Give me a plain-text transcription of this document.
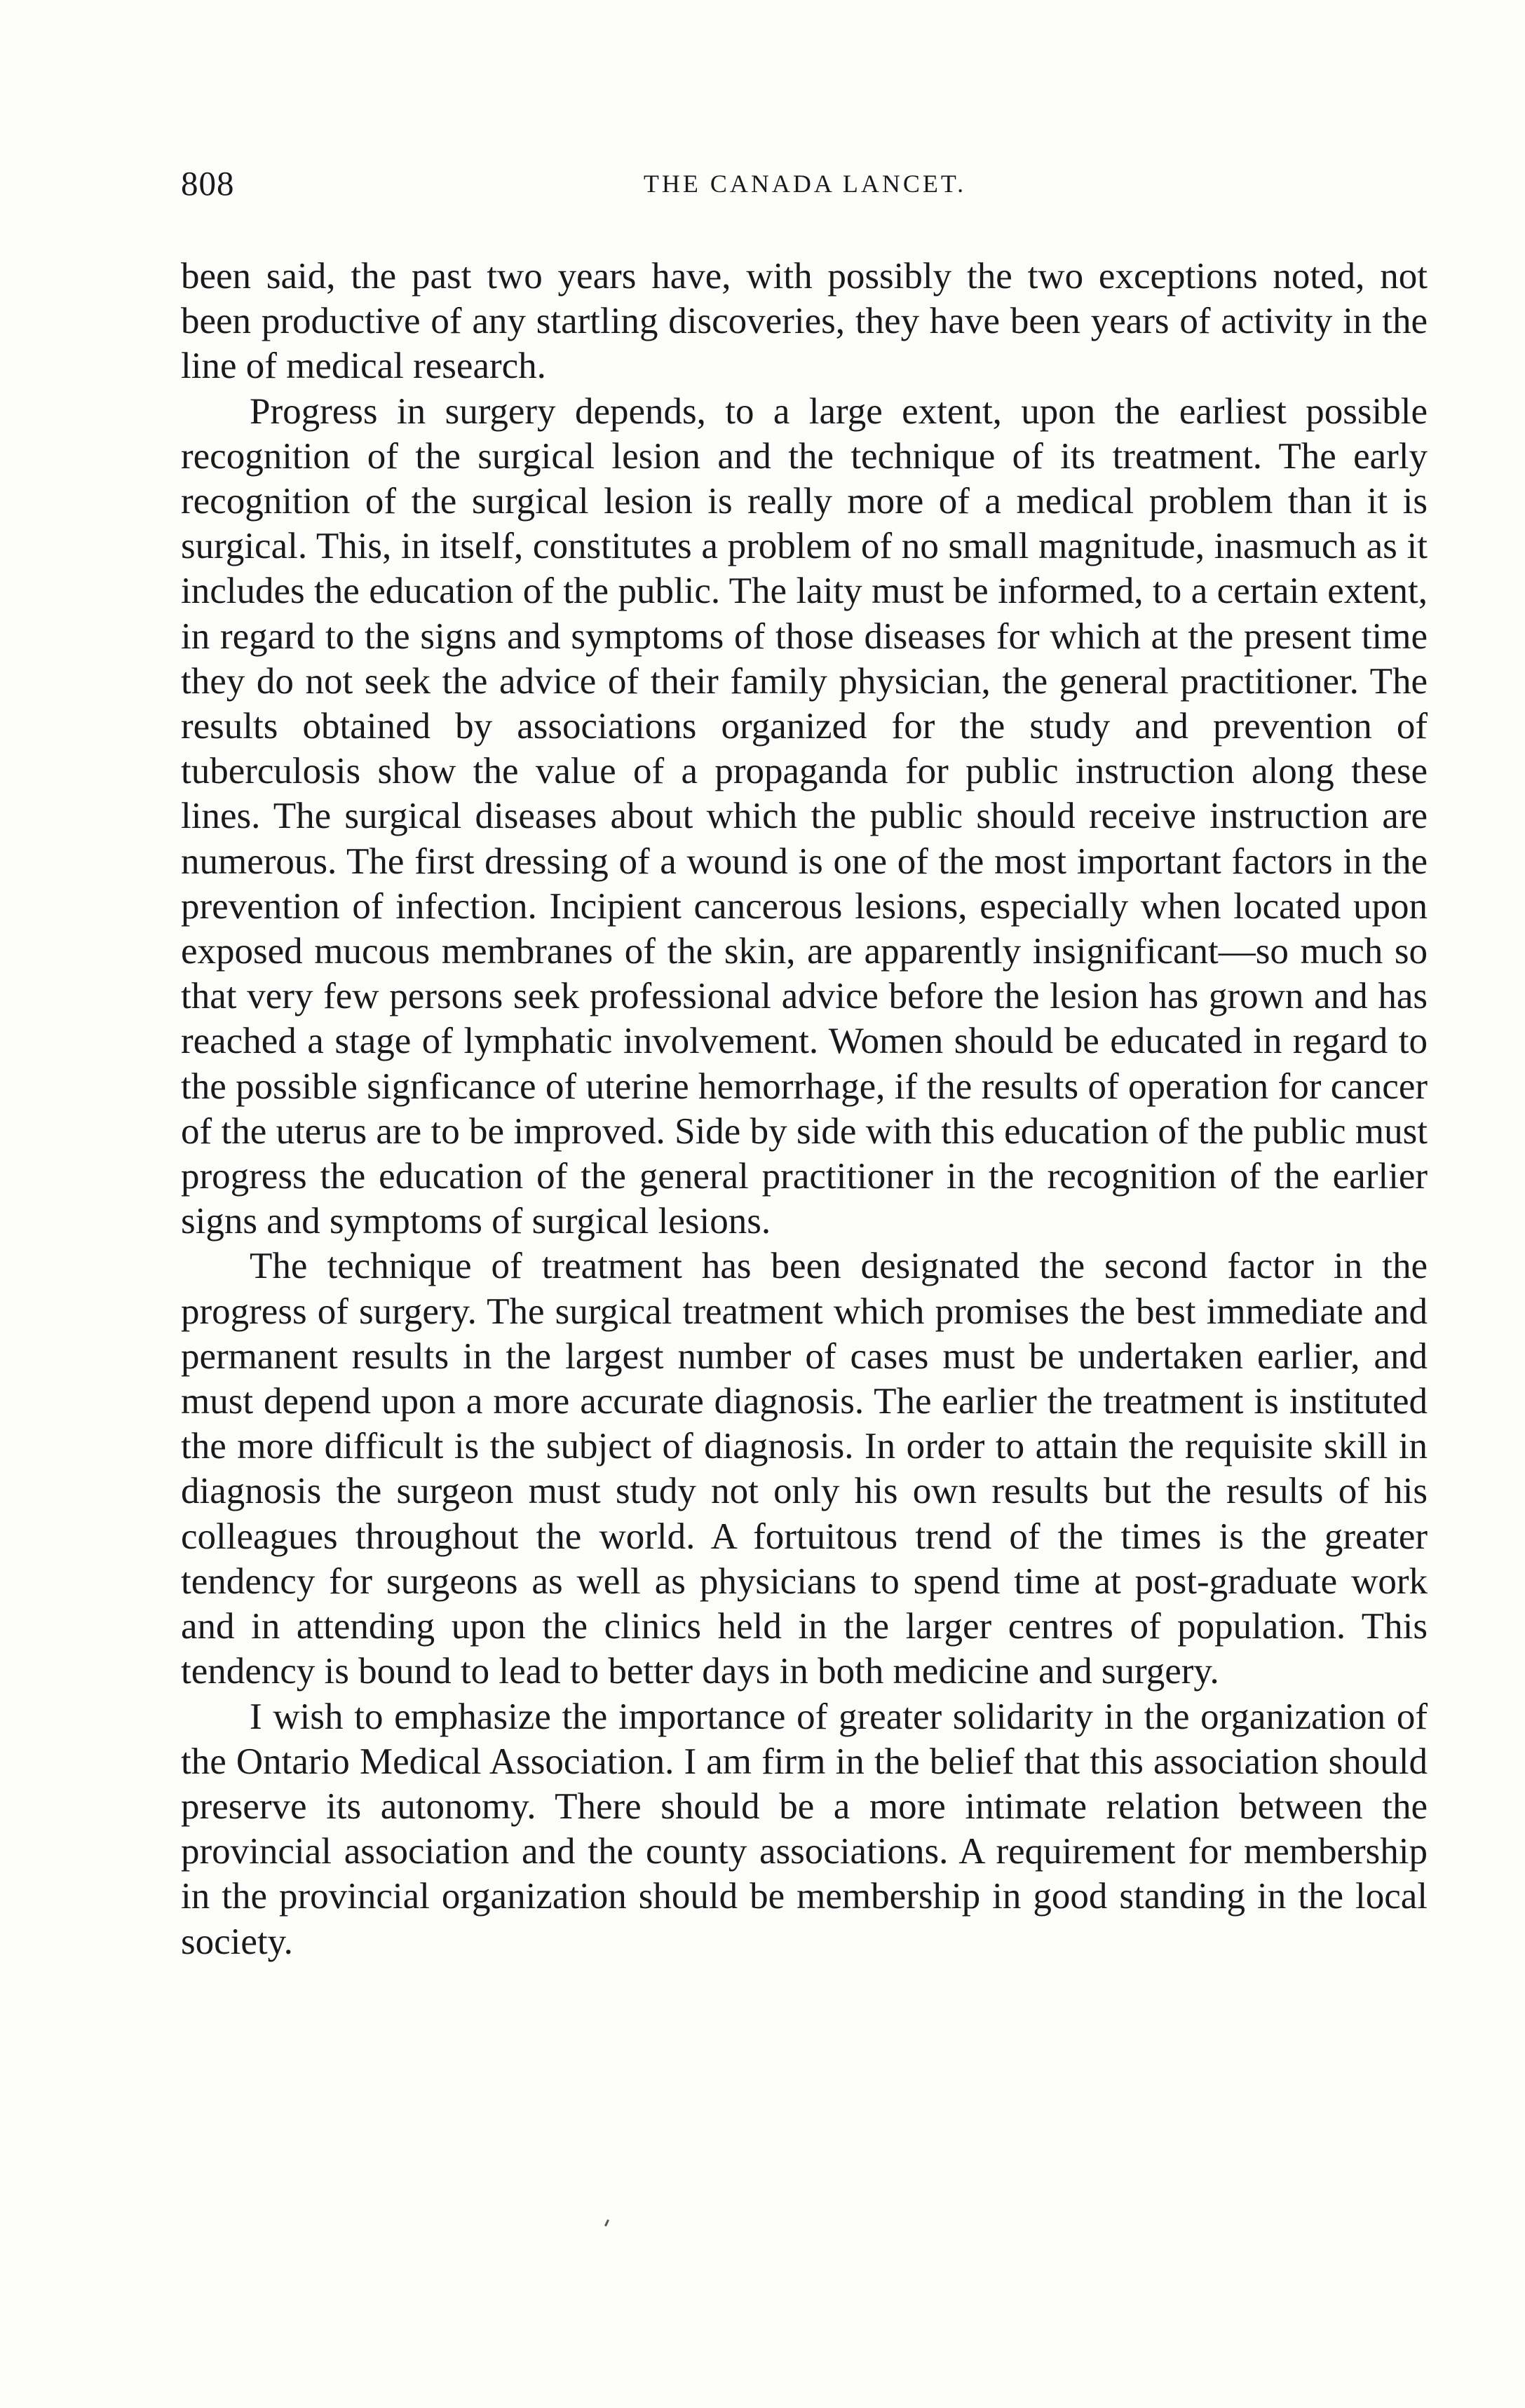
808	THE CANADA LANCET.

been said, the past two years have, with possibly the two exceptions noted, not been productive of any startling discoveries, they have been years of activity in the line of medical research.

Progress in surgery depends, to a large extent, upon the earliest possible recognition of the surgical lesion and the technique of its treatment. The early recognition of the surgical lesion is really more of a medical problem than it is surgical. This, in itself, constitutes a problem of no small magnitude, inasmuch as it includes the education of the public. The laity must be informed, to a certain extent, in regard to the signs and symptoms of those diseases for which at the present time they do not seek the advice of their family physician, the general practitioner. The results obtained by associations organized for the study and prevention of tuberculosis show the value of a propaganda for public instruction along these lines. The surgical diseases about which the public should receive instruction are numerous. The first dressing of a wound is one of the most important factors in the prevention of infection. Incipient cancerous lesions, especially when located upon exposed mucous membranes of the skin, are apparently insignificant—so much so that very few persons seek professional advice before the lesion has grown and has reached a stage of lymphatic involvement. Women should be educated in regard to the possible signficance of uterine hemorrhage, if the results of operation for cancer of the uterus are to be improved. Side by side with this education of the public must progress the education of the general practitioner in the recognition of the earlier signs and symptoms of surgical lesions.

The technique of treatment has been designated the second factor in the progress of surgery. The surgical treatment which promises the best immediate and permanent results in the largest number of cases must be undertaken earlier, and must depend upon a more accurate diagnosis. The earlier the treatment is instituted the more difficult is the subject of diagnosis. In order to attain the requisite skill in diagnosis the surgeon must study not only his own results but the results of his colleagues throughout the world. A fortuitous trend of the times is the greater tendency for surgeons as well as physicians to spend time at post-graduate work and in attending upon the clinics held in the larger centres of population. This tendency is bound to lead to better days in both medicine and surgery.

I wish to emphasize the importance of greater solidarity in the organization of the Ontario Medical Association. I am firm in the belief that this association should preserve its autonomy. There should be a more intimate relation between the provincial association and the county associations. A requirement for membership in the provincial organization should be membership in good standing in the local society.
